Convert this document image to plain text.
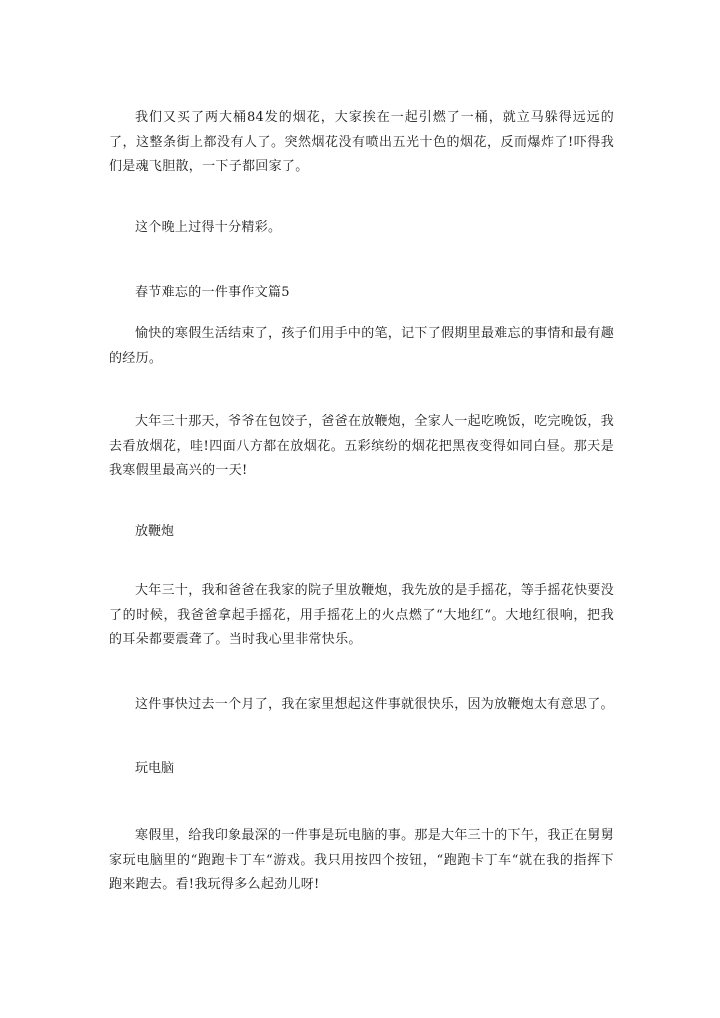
我们又买了两大桶84发的烟花，大家挨在一起引燃了一桶，就立马躲得远远的了，这整条街上都没有人了。突然烟花没有喷出五光十色的烟花，反而爆炸了!吓得我们是魂飞胆散，一下子都回家了。

这个晚上过得十分精彩。

春节难忘的一件事作文篇5

愉快的寒假生活结束了，孩子们用手中的笔，记下了假期里最难忘的事情和最有趣的经历。

大年三十那天，爷爷在包饺子，爸爸在放鞭炮，全家人一起吃晚饭，吃完晚饭，我去看放烟花，哇!四面八方都在放烟花。五彩缤纷的烟花把黑夜变得如同白昼。那天是我寒假里最高兴的一天!

放鞭炮

大年三十，我和爸爸在我家的院子里放鞭炮，我先放的是手摇花，等手摇花快要没了的时候，我爸爸拿起手摇花，用手摇花上的火点燃了“大地红“。大地红很响，把我的耳朵都要震聋了。当时我心里非常快乐。

这件事快过去一个月了，我在家里想起这件事就很快乐，因为放鞭炮太有意思了。

玩电脑

寒假里，给我印象最深的一件事是玩电脑的事。那是大年三十的下午，我正在舅舅家玩电脑里的“跑跑卡丁车“游戏。我只用按四个按钮，“跑跑卡丁车“就在我的指挥下跑来跑去。看!我玩得多么起劲儿呀!
